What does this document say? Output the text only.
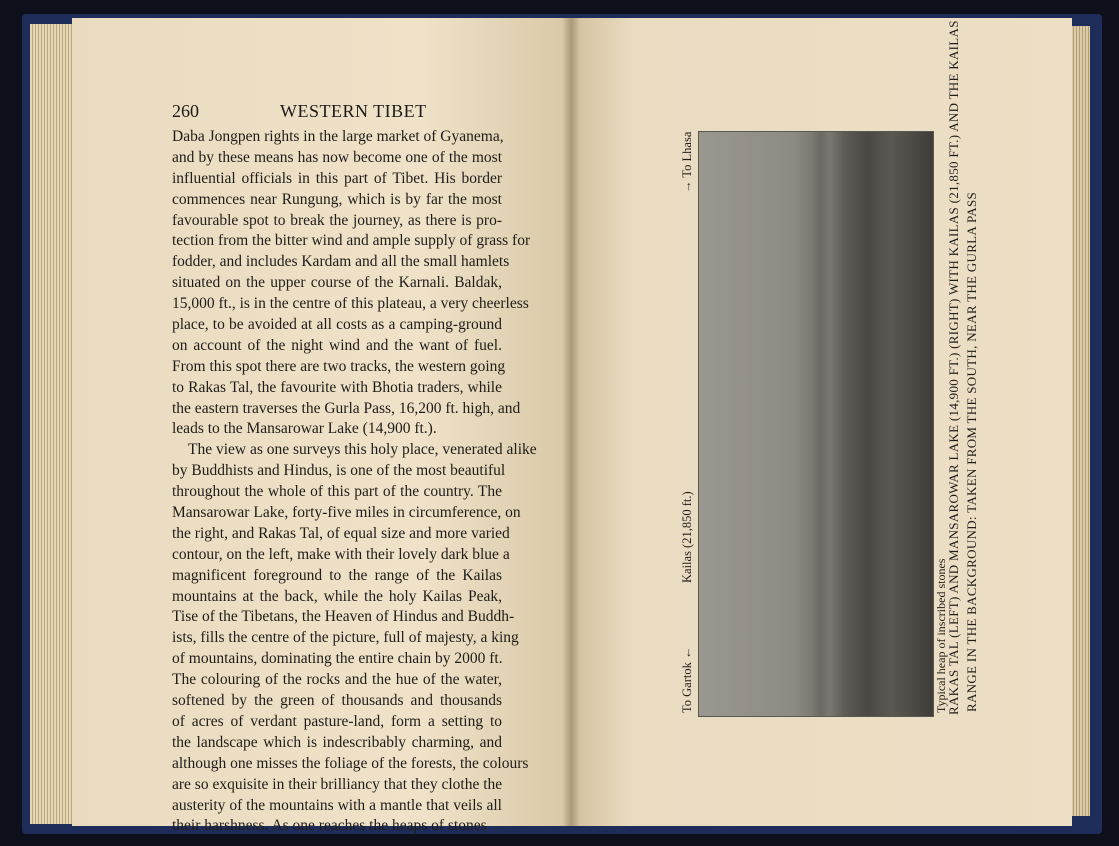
260	WESTERN TIBET
Daba Jongpen rights in the large market of Gyanema,
and by these means has now become one of the most
influential officials in this part of Tibet. His border
commences near Rungung, which is by far the most
favourable spot to break the journey, as there is pro-
tection from the bitter wind and ample supply of grass for
fodder, and includes Kardam and all the small hamlets
situated on the upper course of the Karnali. Baldak,
15,000 ft., is in the centre of this plateau, a very cheerless
place, to be avoided at all costs as a camping-ground
on account of the night wind and the want of fuel.
From this spot there are two tracks, the western going
to Rakas Tal, the favourite with Bhotia traders, while
the eastern traverses the Gurla Pass, 16,200 ft. high, and
leads to the Mansarowar Lake (14,900 ft.).
The view as one surveys this holy place, venerated alike
by Buddhists and Hindus, is one of the most beautiful
throughout the whole of this part of the country. The
Mansarowar Lake, forty-five miles in circumference, on
the right, and Rakas Tal, of equal size and more varied
contour, on the left, make with their lovely dark blue a
magnificent foreground to the range of the Kailas
mountains at the back, while the holy Kailas Peak,
Tise of the Tibetans, the Heaven of Hindus and Buddh-
ists, fills the centre of the picture, full of majesty, a king
of mountains, dominating the entire chain by 2000 ft.
The colouring of the rocks and the hue of the water,
softened by the green of thousands and thousands
of acres of verdant pasture-land, form a setting to
the landscape which is indescribably charming, and
although one misses the foliage of the forests, the colours
are so exquisite in their brilliancy that they clothe the
austerity of the mountains with a mantle that veils all
their harshness. As one reaches the heaps of stones
To Gartok ←
Kailas (21,850 ft.)
→ To Lhasa
Typical heap of inscribed stones
RAKAS TAL (LEFT) AND MANSAROWAR LAKE (14,900 FT.) (RIGHT) WITH KAILAS (21,850 FT.) AND THE KAILAS RANGE IN THE BACKGROUND: TAKEN FROM THE SOUTH, NEAR THE GURLA PASS
